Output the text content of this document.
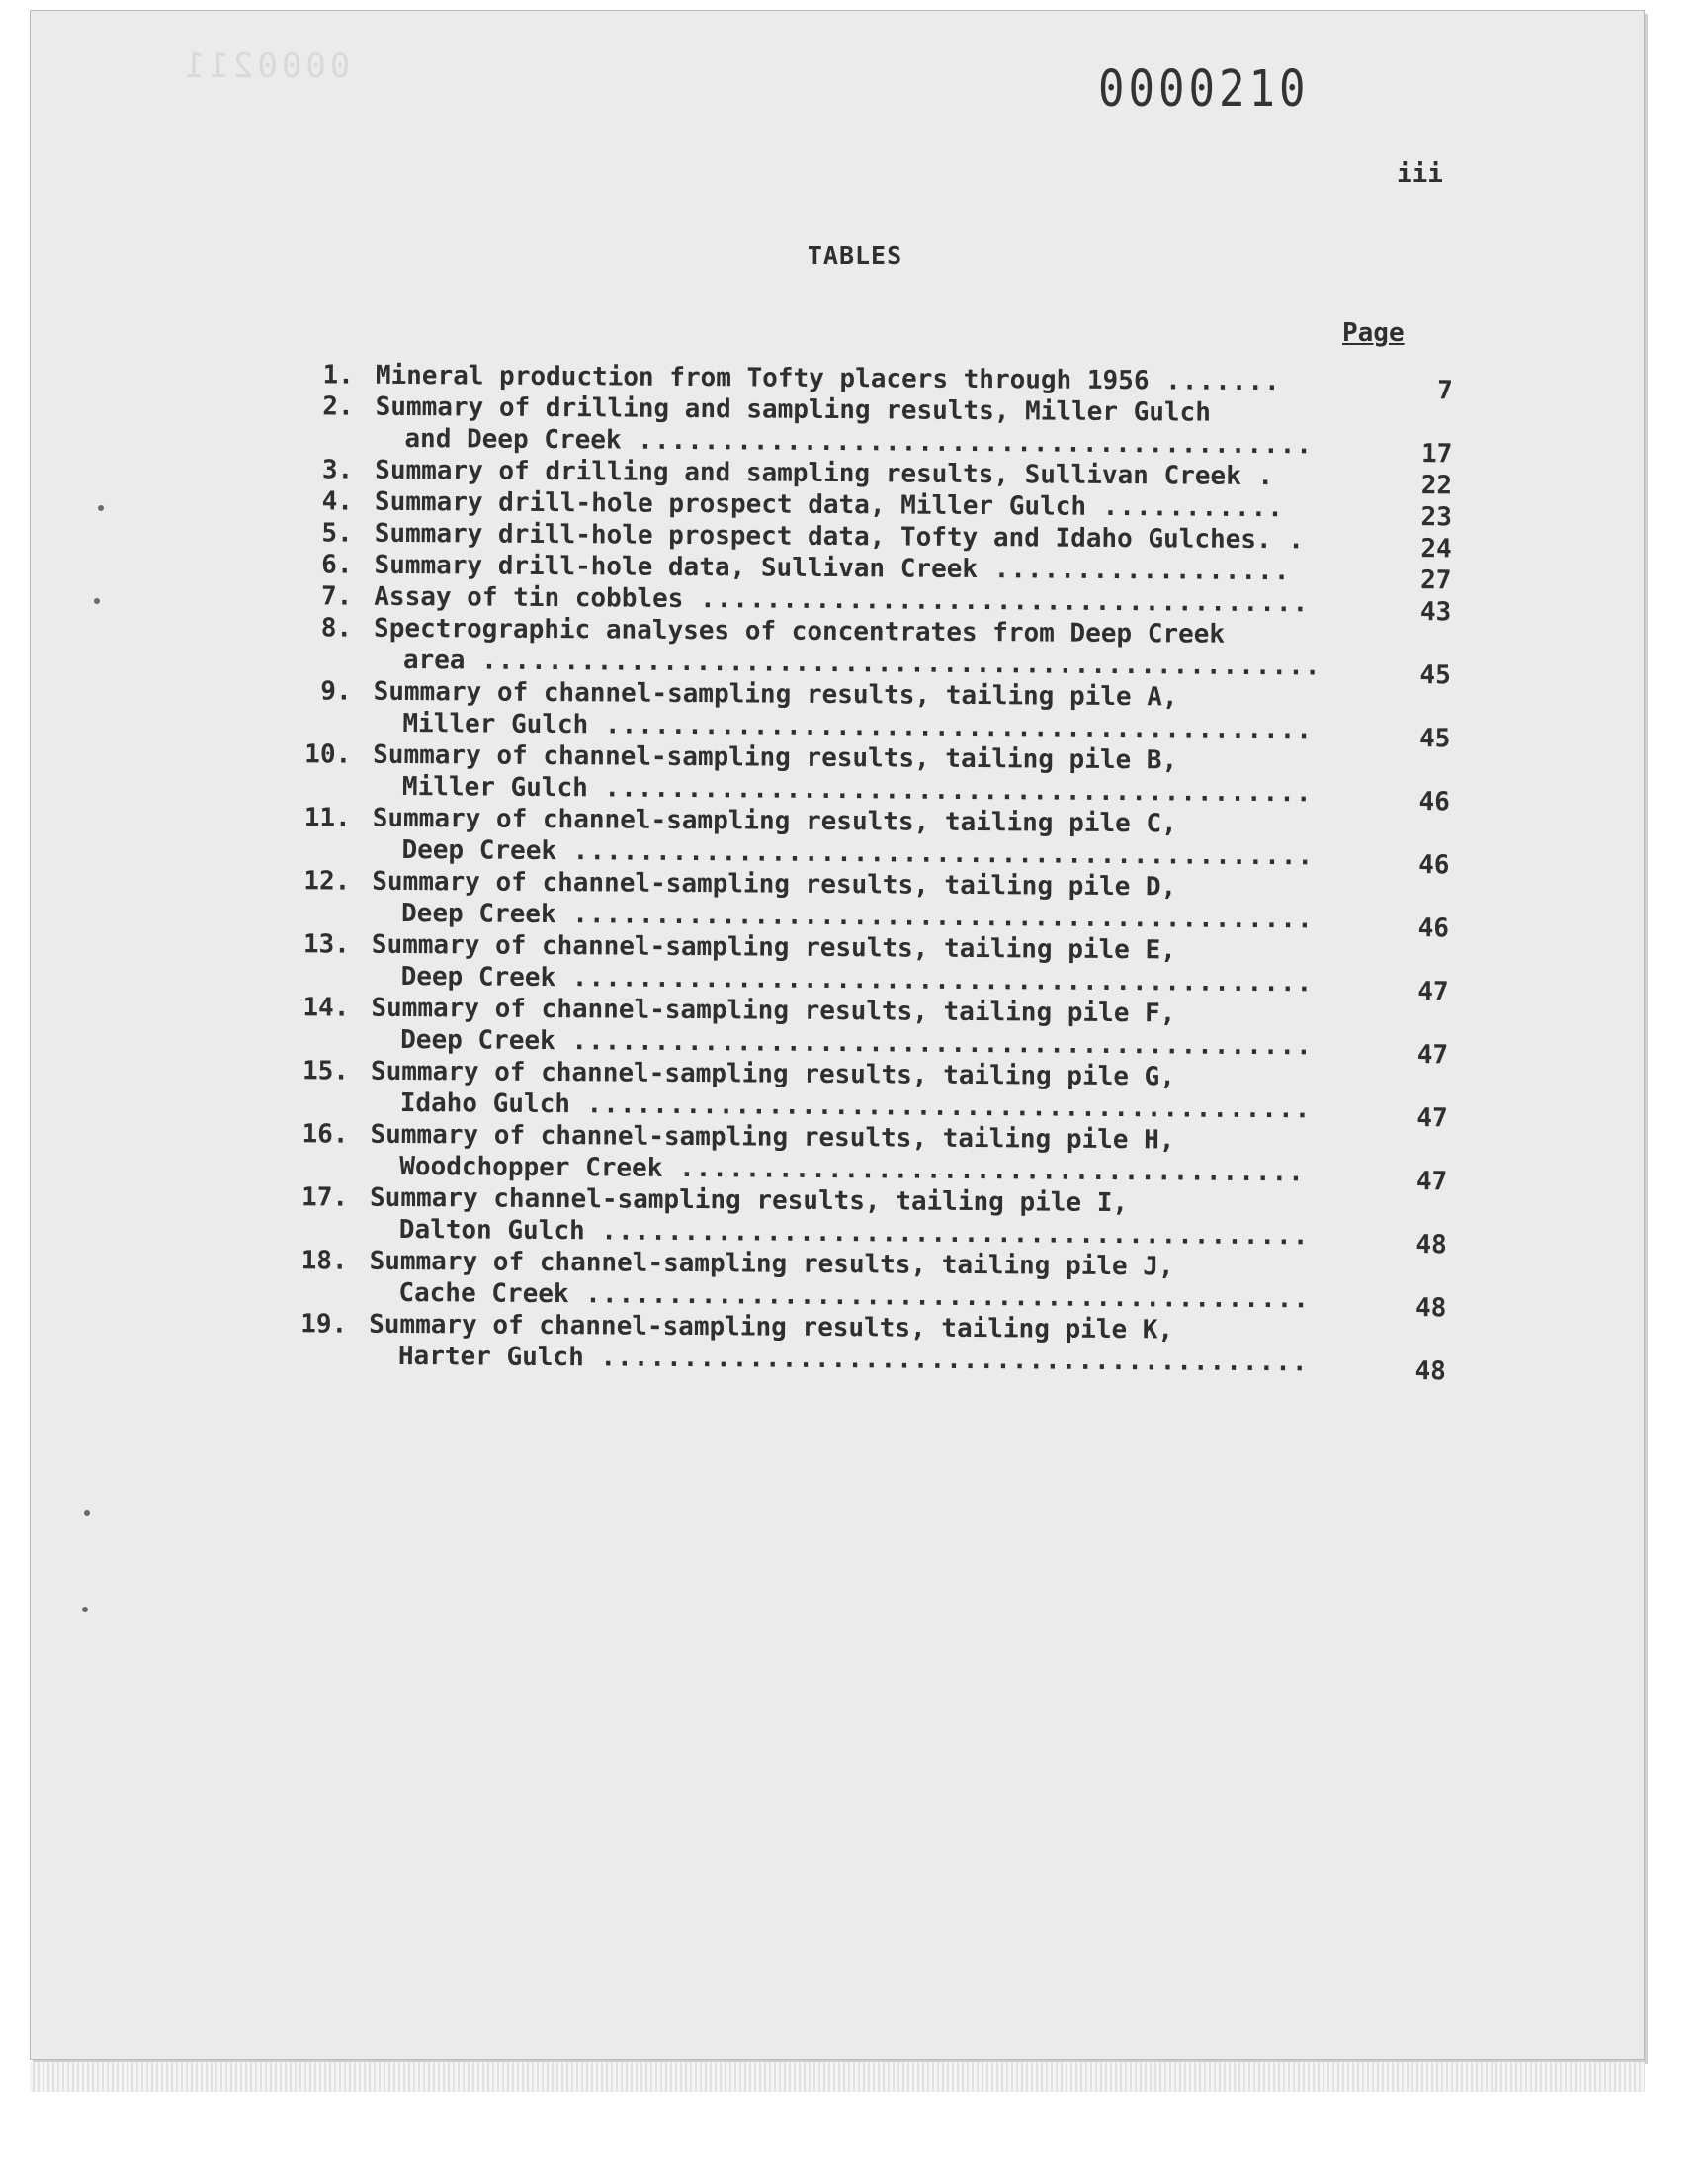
0000211	0000210
iii
TABLES
Page
1. Mineral production from Tofty placers through 1956 .......	7
2. Summary of drilling and sampling results, Miller Gulch
and Deep Creek .........................................	17
3. Summary of drilling and sampling results, Sullivan Creek .	22
4. Summary drill-hole prospect data, Miller Gulch ...........	23
5. Summary drill-hole prospect data, Tofty and Idaho Gulches. .	24
6. Summary drill-hole data, Sullivan Creek ..................	27
7. Assay of tin cobbles .....................................	43
8. Spectrographic analyses of concentrates from Deep Creek
area ...................................................	45
9. Summary of channel-sampling results, tailing pile A,
Miller Gulch ...........................................	45
10. Summary of channel-sampling results, tailing pile B,
Miller Gulch ...........................................	46
11. Summary of channel-sampling results, tailing pile C,
Deep Creek .............................................	46
12. Summary of channel-sampling results, tailing pile D,
Deep Creek .............................................	46
13. Summary of channel-sampling results, tailing pile E,
Deep Creek .............................................	47
14. Summary of channel-sampling results, tailing pile F,
Deep Creek .............................................	47
15. Summary of channel-sampling results, tailing pile G,
Idaho Gulch ............................................	47
16. Summary of channel-sampling results, tailing pile H,
Woodchopper Creek ......................................	47
17. Summary channel-sampling results, tailing pile I,
Dalton Gulch ...........................................	48
18. Summary of channel-sampling results, tailing pile J,
Cache Creek ............................................	48
19. Summary of channel-sampling results, tailing pile K,
Harter Gulch ...........................................	48
